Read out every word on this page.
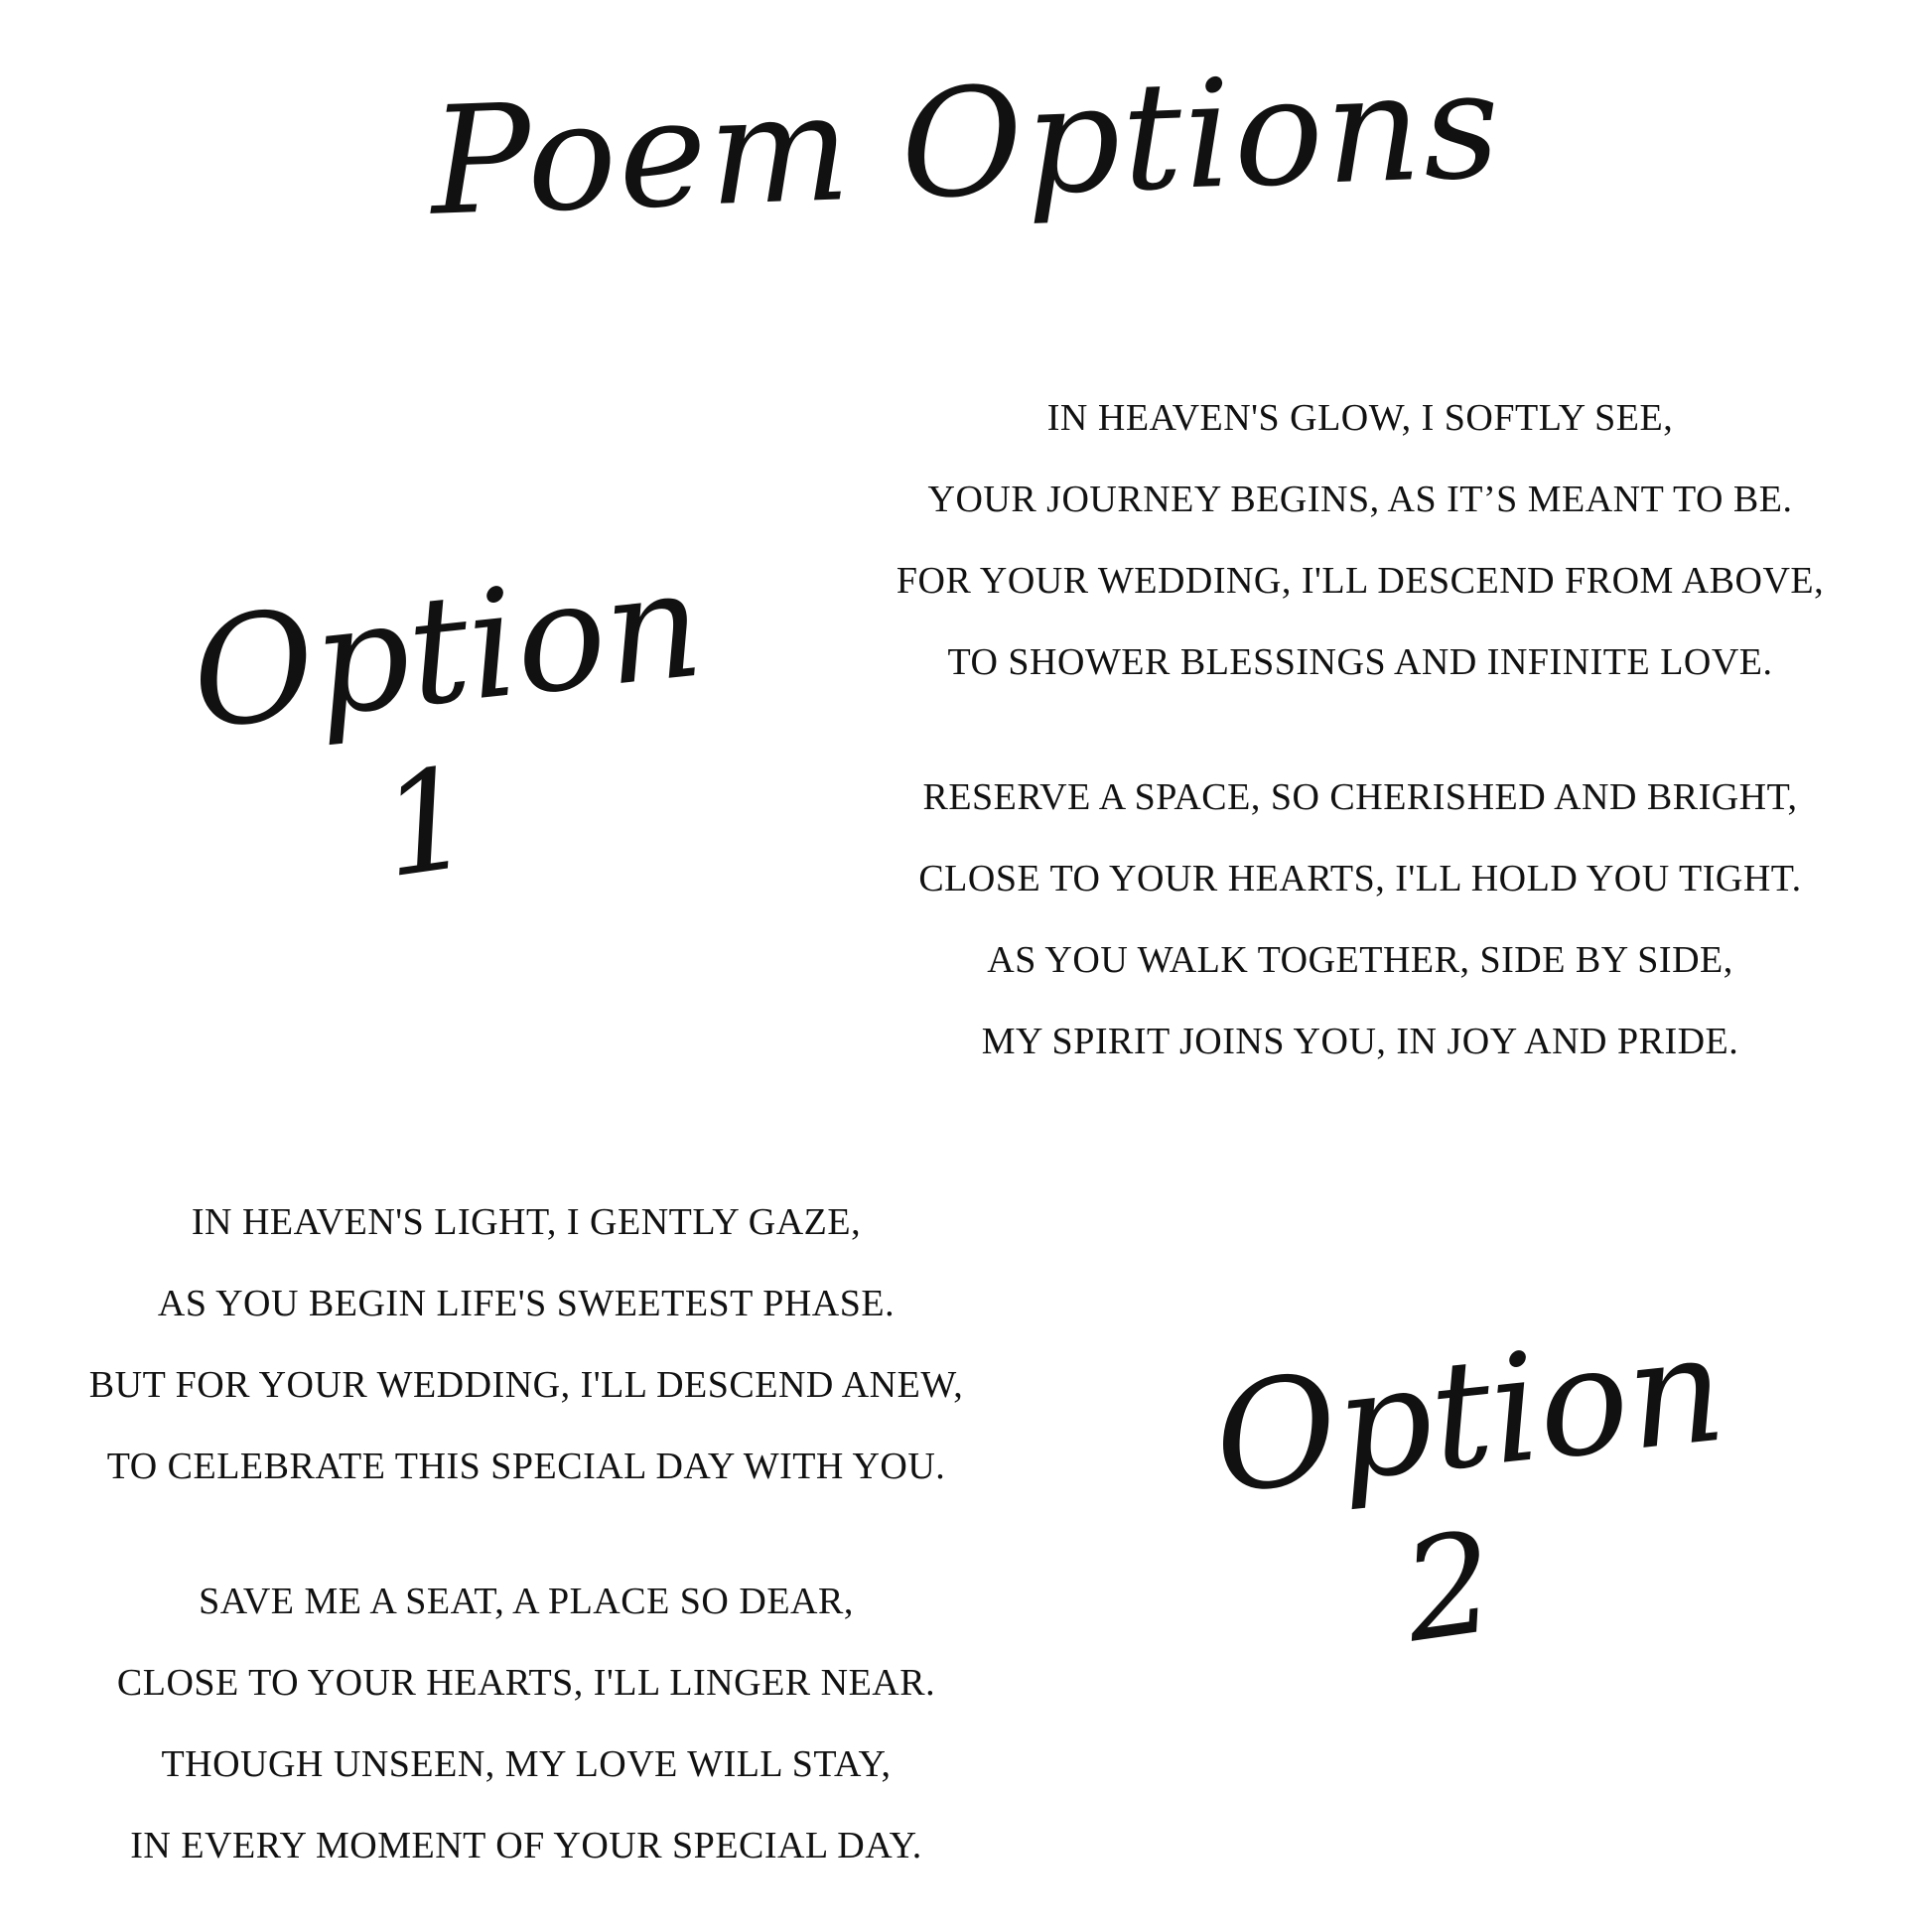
Poem Options
Option
1
IN HEAVEN'S GLOW, I SOFTLY SEE,
YOUR JOURNEY BEGINS, AS IT’S MEANT TO BE.
FOR YOUR WEDDING, I'LL DESCEND FROM ABOVE,
TO SHOWER BLESSINGS AND INFINITE LOVE.
RESERVE A SPACE, SO CHERISHED AND BRIGHT,
CLOSE TO YOUR HEARTS, I'LL HOLD YOU TIGHT.
AS YOU WALK TOGETHER, SIDE BY SIDE,
MY SPIRIT JOINS YOU, IN JOY AND PRIDE.
IN HEAVEN'S LIGHT, I GENTLY GAZE,
AS YOU BEGIN LIFE'S SWEETEST PHASE.
BUT FOR YOUR WEDDING, I'LL DESCEND ANEW,
TO CELEBRATE THIS SPECIAL DAY WITH YOU.
SAVE ME A SEAT, A PLACE SO DEAR,
CLOSE TO YOUR HEARTS, I'LL LINGER NEAR.
THOUGH UNSEEN, MY LOVE WILL STAY,
IN EVERY MOMENT OF YOUR SPECIAL DAY.
Option
2
